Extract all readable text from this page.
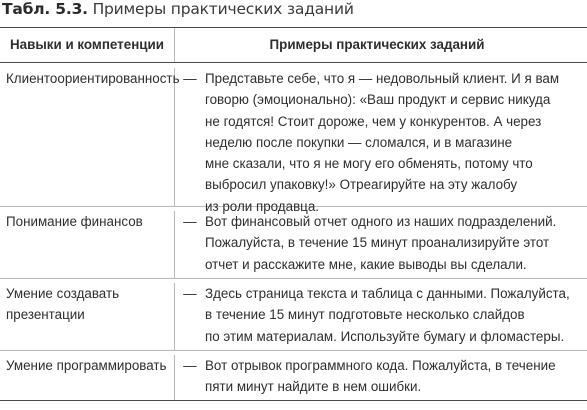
Табл. 5.3. Примеры практических заданий
Навыки и компетенции	Примеры практических заданий
Клиентоориентированность — Представьте себе, что я — недовольный клиент. И я вам
говорю (эмоционально): «Ваш продукт и сервис никуда
не годятся! Стоит дороже, чем у конкурентов. А через
неделю после покупки — сломался, и в магазине
мне сказали, что я не могу его обменять, потому что
выбросил упаковку!» Отреагируйте на эту жалобу
из роли продавца.
Понимание финансов	— Вот финансовый отчет одного из наших подразделений.
Пожалуйста, в течение 15 минут проанализируйте этот
отчет и расскажите мне, какие выводы вы сделали.
Умение создавать
презентации
— Здесь страница текста и таблица с данными. Пожалуйста,
в течение 15 минут подготовьте несколько слайдов
по этим материалам. Используйте бумагу и фломастеры.
Умение программировать	— Вот отрывок программного кода. Пожалуйста, в течение
пяти минут найдите в нем ошибки.
